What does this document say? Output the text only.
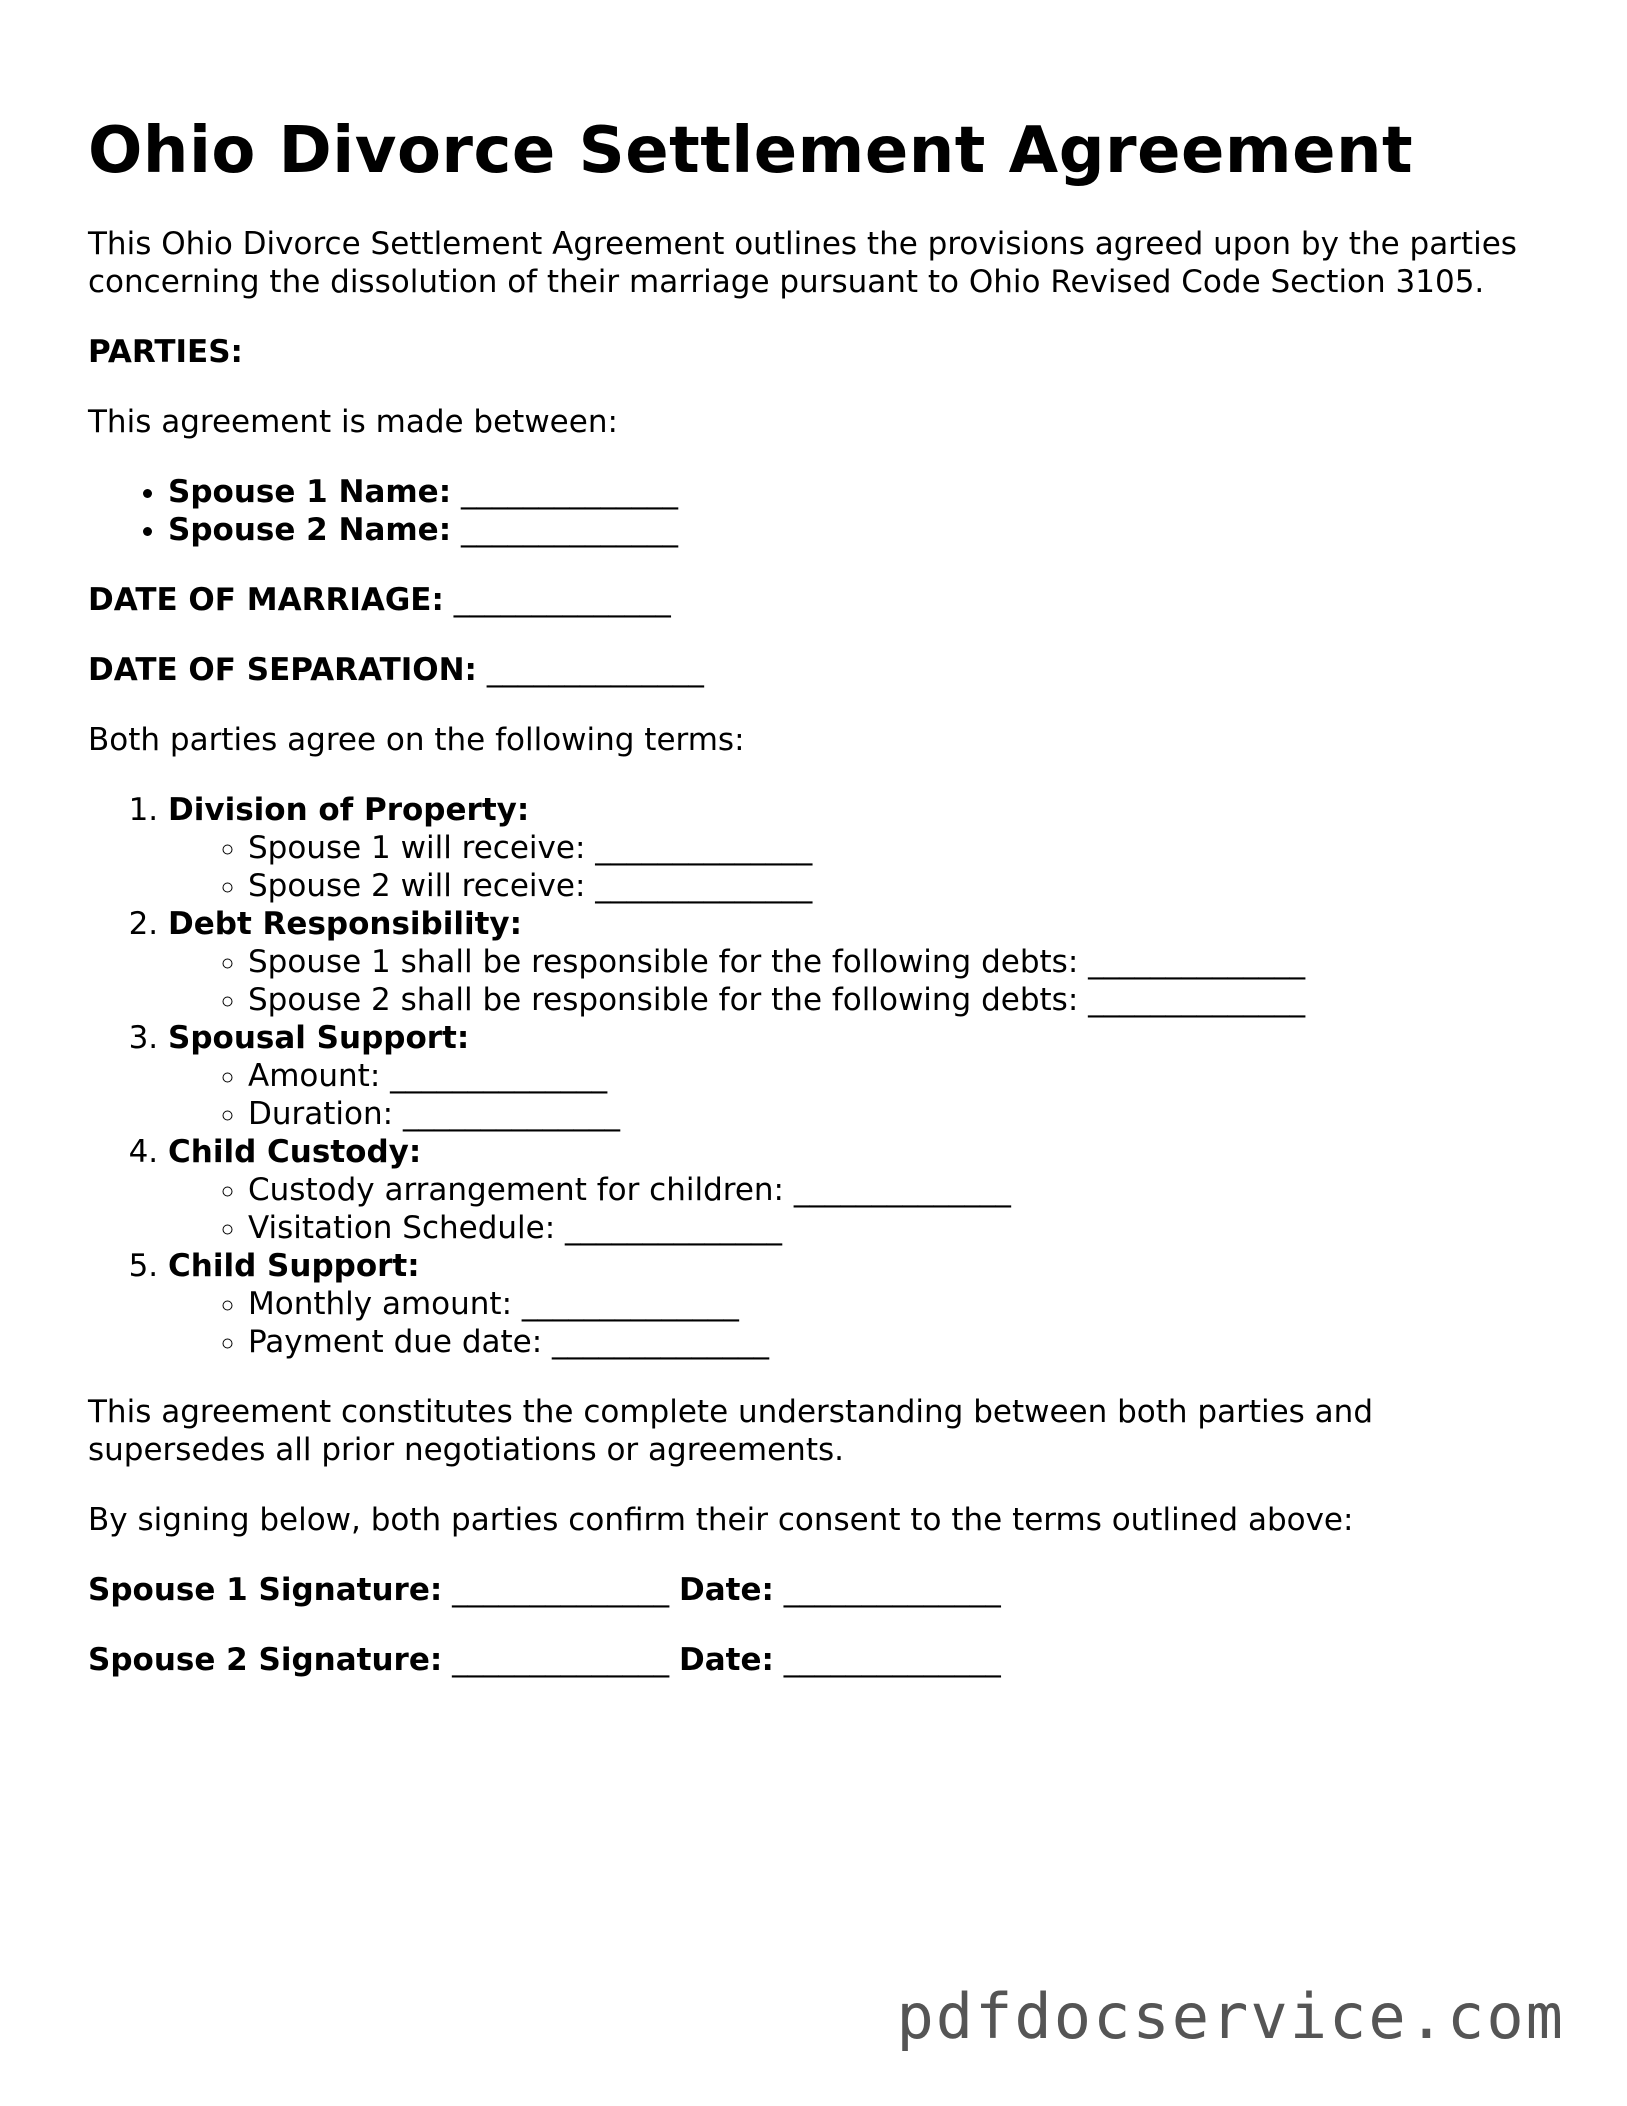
Ohio Divorce Settlement Agreement

This Ohio Divorce Settlement Agreement outlines the provisions agreed upon by the parties concerning the dissolution of their marriage pursuant to Ohio Revised Code Section 3105.

PARTIES:

This agreement is made between:

• Spouse 1 Name: ______________
• Spouse 2 Name: ______________

DATE OF MARRIAGE: ______________

DATE OF SEPARATION: ______________

Both parties agree on the following terms:

1. Division of Property:
◦ Spouse 1 will receive: ______________
◦ Spouse 2 will receive: ______________
2. Debt Responsibility:
◦ Spouse 1 shall be responsible for the following debts: ______________
◦ Spouse 2 shall be responsible for the following debts: ______________
3. Spousal Support:
◦ Amount: ______________
◦ Duration: ______________
4. Child Custody:
◦ Custody arrangement for children: ______________
◦ Visitation Schedule: ______________
5. Child Support:
◦ Monthly amount: ______________
◦ Payment due date: ______________

This agreement constitutes the complete understanding between both parties and supersedes all prior negotiations or agreements.

By signing below, both parties confirm their consent to the terms outlined above:

Spouse 1 Signature: ______________ Date: ______________

Spouse 2 Signature: ______________ Date: ______________

pdfdocservice.com
